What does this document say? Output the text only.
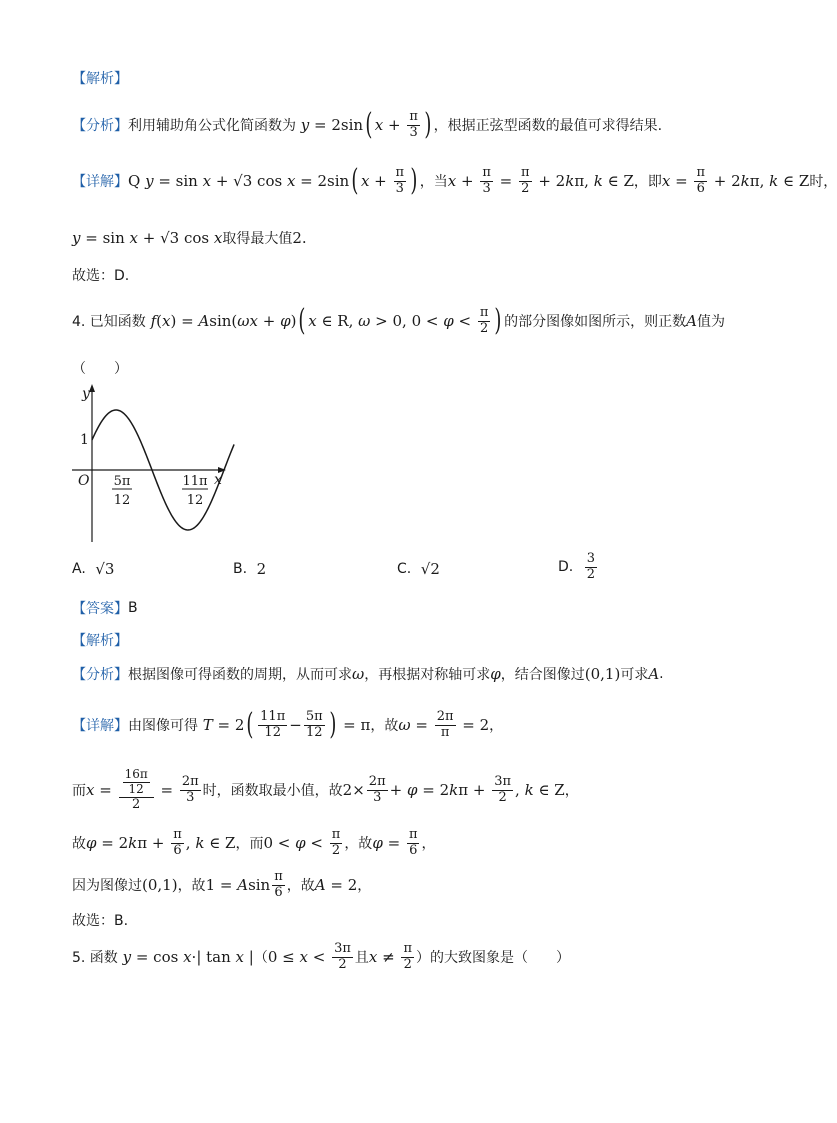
【解析】
【分析】 利用辅助角公式化简函数为 y = 2sin ( $x + \frac{\pi}{3}$ ) ，根据正弦型函数的最值可求得结果.
【详解】 Q y = sin x + √3 cos x = 2sin ( $x + \frac{\pi}{3}$ ) ，当 $x + \frac{\pi}{3} = \frac{\pi}{2} + 2$ k π, k ∈ Z ，即 $x = \frac{\pi}{6} + 2$ k π, k ∈ Z 时，
y = sin x + √3 cos x 取得最大值 2 .
故选：D.
4. 已知函数 f ( x ) = A sin( ωx + φ ) ( x ∈ R, ω > 0, $0 < \varphi < \frac{\pi}{2}$ ) 的部分图像如图所示，则正数 A 值为
（　　）
y
x
O
1
5π
12
11π
12
A. √3	B.
2	C. √2	D.
$\frac{3}{2}$
【答案】 B
【解析】
【分析】 根据图像可得函数的周期，从而可求 ω ，再根据对称轴可求 φ ，结合图像过 (0,1) 可求 A .
【详解】 由图像可得 T = 2 ( $\frac{11\pi}{12} - \frac{5\pi}{12}$ ) = π ，故 $\omega = \frac{2\pi}{\pi} = 2$ ，
而 $x = \frac{\frac{16\pi}{12}}{2} = \frac{2\pi}{3}$ 时，函数取最小值，故 $2\times \frac{2\pi}{3} + \varphi = 2$ k $\pi + \frac{3\pi}{2}$ , k ∈ Z ，
故 φ = 2 k $\pi + \frac{\pi}{6}$ , k ∈ Z ，而 $0 < \varphi < \frac{\pi}{2}$ ，故 $\varphi = \frac{\pi}{6}$ ，
因为图像过 (0,1) ，故 1 = A $\sin \frac{\pi}{6}$ ，故 A = 2 ，
故选：B.
5. 函数 y = cos x ·| tan x | （ $0 \le x < \frac{3\pi}{2}$ 且 $x \ne \frac{\pi}{2}$ ）的大致图象是（　　）
